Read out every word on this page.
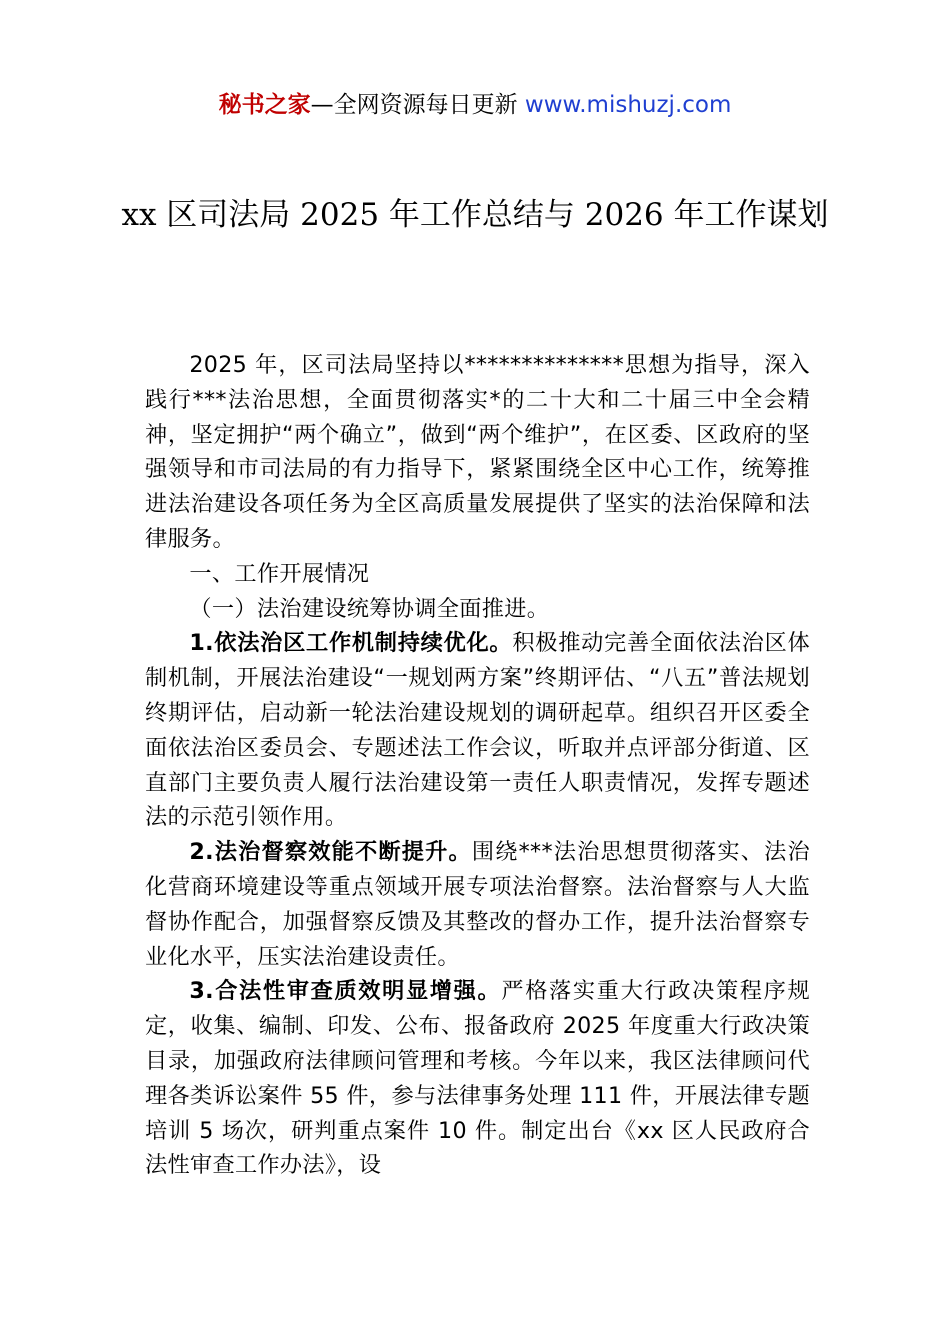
秘书之家—全网资源每日更新 www.mishuzj.com
xx 区司法局 2025 年工作总结与 2026 年工作谋划

2025 年，区司法局坚持以**************思想为指导，深入践行***法治思想，全面贯彻落实*的二十大和二十届三中全会精神，坚定拥护“两个确立”，做到“两个维护”，在区委、区政府的坚强领导和市司法局的有力指导下，紧紧围绕全区中心工作，统筹推进法治建设各项任务为全区高质量发展提供了坚实的法治保障和法律服务。

一、工作开展情况

（一）法治建设统筹协调全面推进。

1.依法治区工作机制持续优化。积极推动完善全面依法治区体制机制，开展法治建设“一规划两方案”终期评估、“八五”普法规划终期评估，启动新一轮法治建设规划的调研起草。组织召开区委全面依法治区委员会、专题述法工作会议，听取并点评部分街道、区直部门主要负责人履行法治建设第一责任人职责情况，发挥专题述法的示范引领作用。

2.法治督察效能不断提升。围绕***法治思想贯彻落实、法治化营商环境建设等重点领域开展专项法治督察。法治督察与人大监督协作配合，加强督察反馈及其整改的督办工作，提升法治督察专业化水平，压实法治建设责任。

3.合法性审查质效明显增强。严格落实重大行政决策程序规定，收集、编制、印发、公布、报备政府 2025 年度重大行政决策目录，加强政府法律顾问管理和考核。今年以来，我区法律顾问代理各类诉讼案件 55 件，参与法律事务处理 111 件，开展法律专题培训 5 场次，研判重点案件 10 件。制定出台《xx 区人民政府合法性审查工作办法》，设
